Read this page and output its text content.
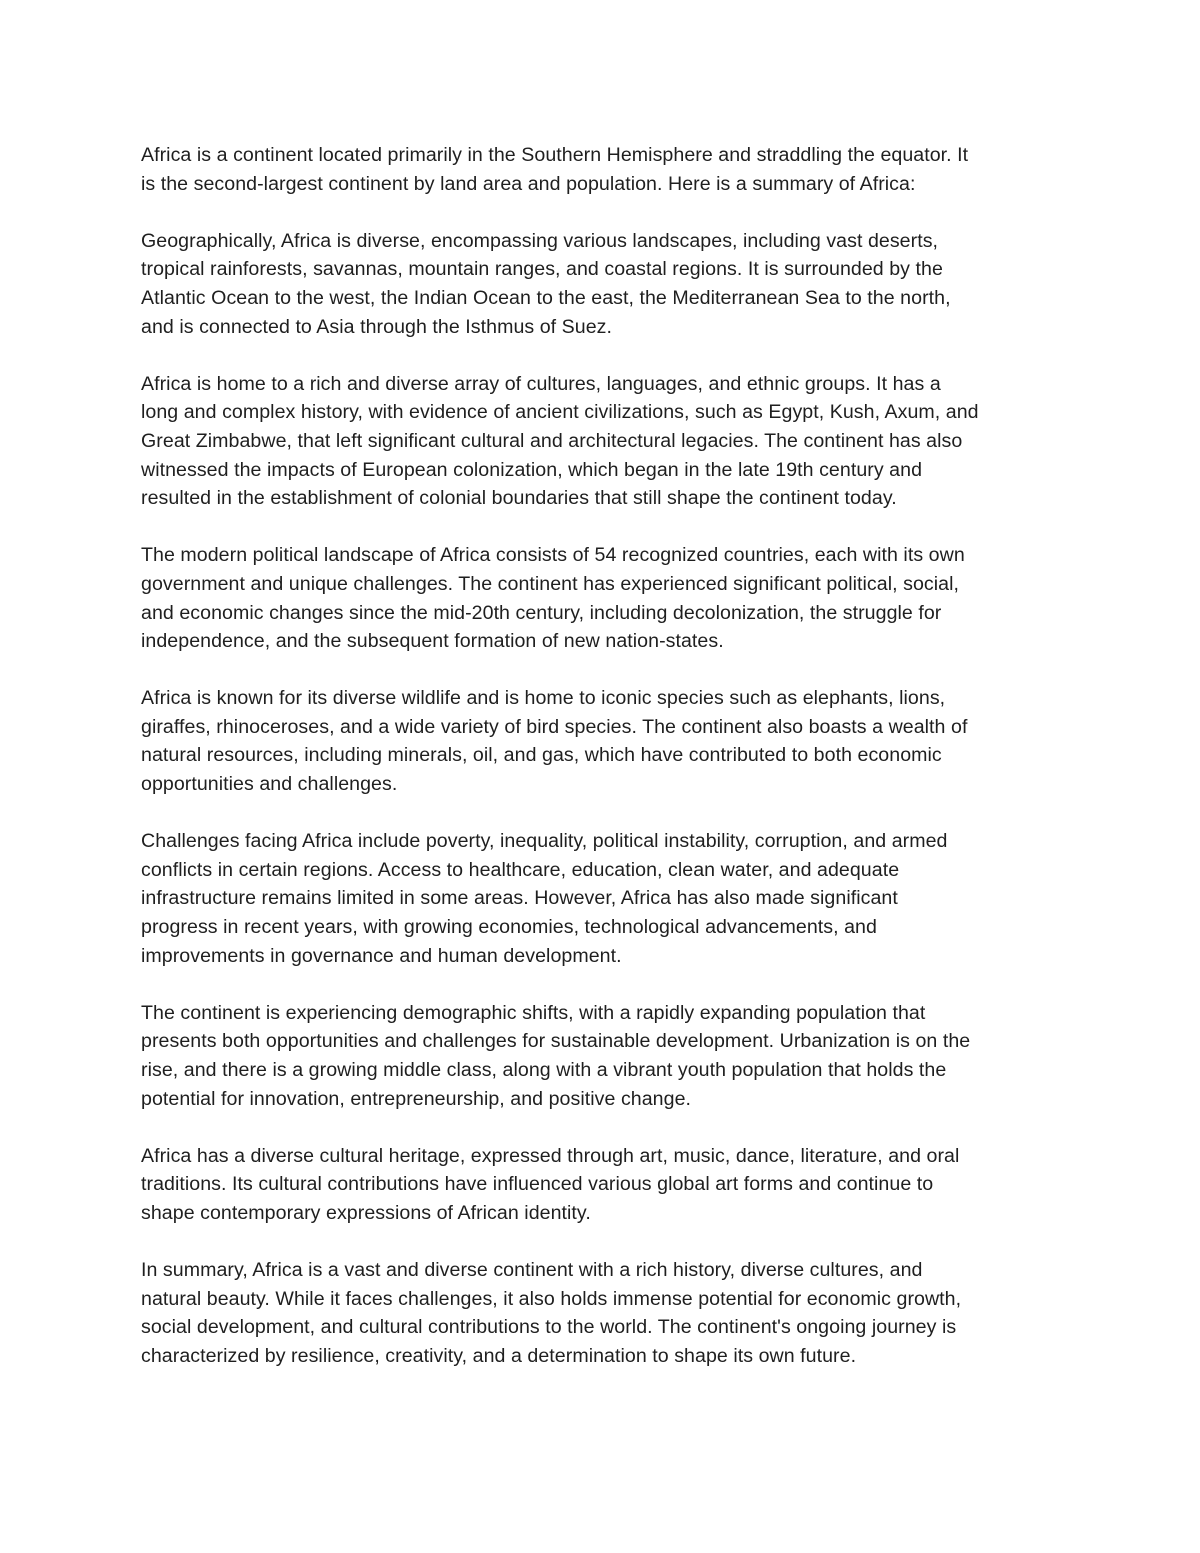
Africa is a continent located primarily in the Southern Hemisphere and straddling the equator. It
is the second-largest continent by land area and population. Here is a summary of Africa:

Geographically, Africa is diverse, encompassing various landscapes, including vast deserts,
tropical rainforests, savannas, mountain ranges, and coastal regions. It is surrounded by the
Atlantic Ocean to the west, the Indian Ocean to the east, the Mediterranean Sea to the north,
and is connected to Asia through the Isthmus of Suez.

Africa is home to a rich and diverse array of cultures, languages, and ethnic groups. It has a
long and complex history, with evidence of ancient civilizations, such as Egypt, Kush, Axum, and
Great Zimbabwe, that left significant cultural and architectural legacies. The continent has also
witnessed the impacts of European colonization, which began in the late 19th century and
resulted in the establishment of colonial boundaries that still shape the continent today.

The modern political landscape of Africa consists of 54 recognized countries, each with its own
government and unique challenges. The continent has experienced significant political, social,
and economic changes since the mid-20th century, including decolonization, the struggle for
independence, and the subsequent formation of new nation-states.

Africa is known for its diverse wildlife and is home to iconic species such as elephants, lions,
giraffes, rhinoceroses, and a wide variety of bird species. The continent also boasts a wealth of
natural resources, including minerals, oil, and gas, which have contributed to both economic
opportunities and challenges.

Challenges facing Africa include poverty, inequality, political instability, corruption, and armed
conflicts in certain regions. Access to healthcare, education, clean water, and adequate
infrastructure remains limited in some areas. However, Africa has also made significant
progress in recent years, with growing economies, technological advancements, and
improvements in governance and human development.

The continent is experiencing demographic shifts, with a rapidly expanding population that
presents both opportunities and challenges for sustainable development. Urbanization is on the
rise, and there is a growing middle class, along with a vibrant youth population that holds the
potential for innovation, entrepreneurship, and positive change.

Africa has a diverse cultural heritage, expressed through art, music, dance, literature, and oral
traditions. Its cultural contributions have influenced various global art forms and continue to
shape contemporary expressions of African identity.

In summary, Africa is a vast and diverse continent with a rich history, diverse cultures, and
natural beauty. While it faces challenges, it also holds immense potential for economic growth,
social development, and cultural contributions to the world. The continent's ongoing journey is
characterized by resilience, creativity, and a determination to shape its own future.
